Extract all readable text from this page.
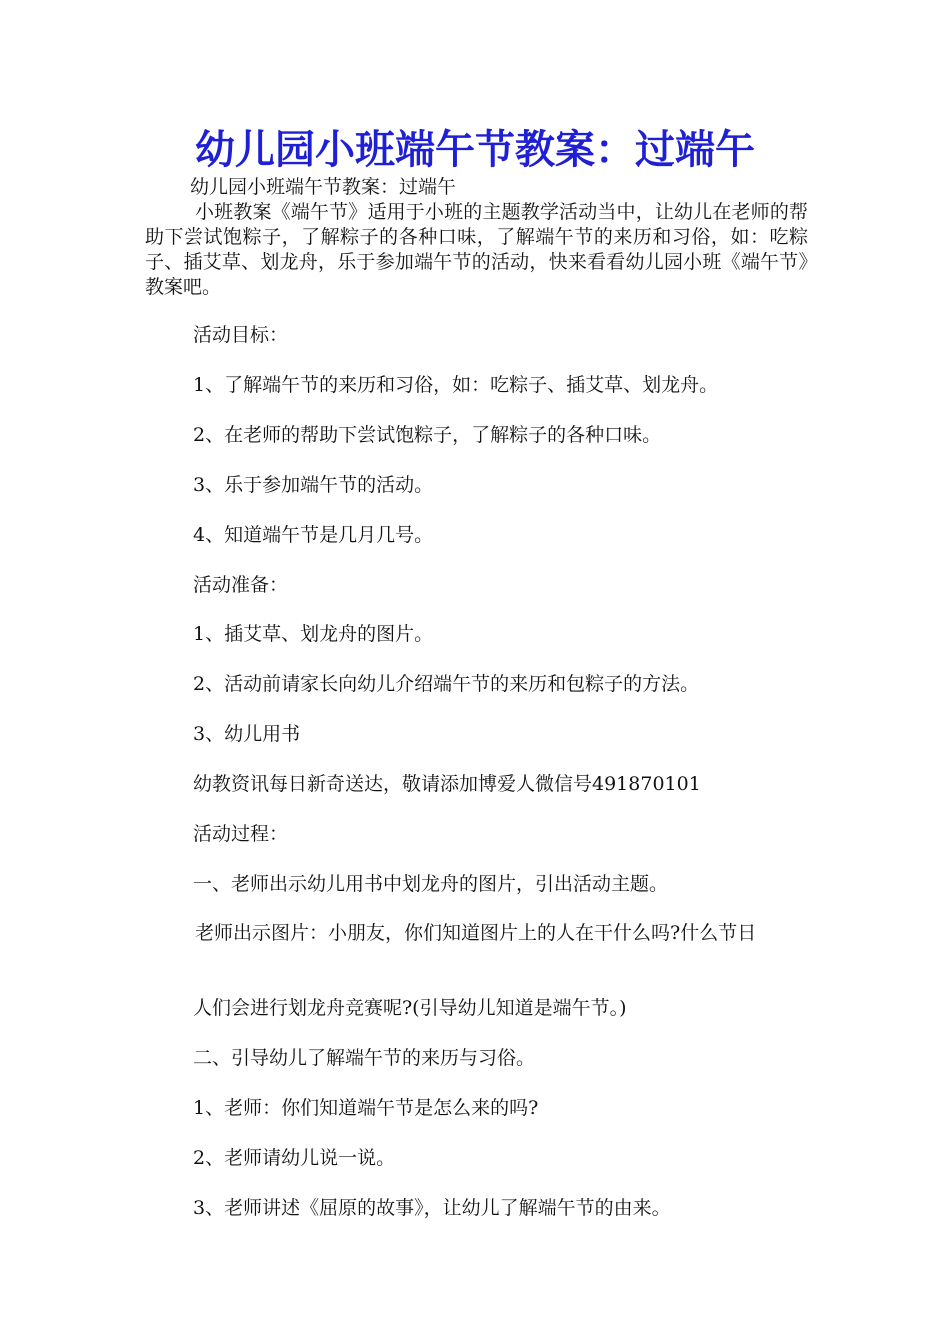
幼儿园小班端午节教案：过端午
幼儿园小班端午节教案：过端午

小班教案《端午节》适用于小班的主题教学活动当中，让幼儿在老师的帮助下尝试饱粽子，了解粽子的各种口味，了解端午节的来历和习俗，如：吃粽子、插艾草、划龙舟，乐于参加端午节的活动，快来看看幼儿园小班《端午节》教案吧。

活动目标：

1、了解端午节的来历和习俗，如：吃粽子、插艾草、划龙舟。

2、在老师的帮助下尝试饱粽子，了解粽子的各种口味。

3、乐于参加端午节的活动。

4、知道端午节是几月几号。

活动准备：

1、插艾草、划龙舟的图片。

2、活动前请家长向幼儿介绍端午节的来历和包粽子的方法。

3、幼儿用书

幼教资讯每日新奇送达，敬请添加博爱人微信号491870101

活动过程：

一、老师出示幼儿用书中划龙舟的图片，引出活动主题。

老师出示图片：小朋友，你们知道图片上的人在干什么吗?什么节日

人们会进行划龙舟竞赛呢?(引导幼儿知道是端午节。)

二、引导幼儿了解端午节的来历与习俗。

1、老师：你们知道端午节是怎么来的吗?

2、老师请幼儿说一说。

3、老师讲述《屈原的故事》，让幼儿了解端午节的由来。
